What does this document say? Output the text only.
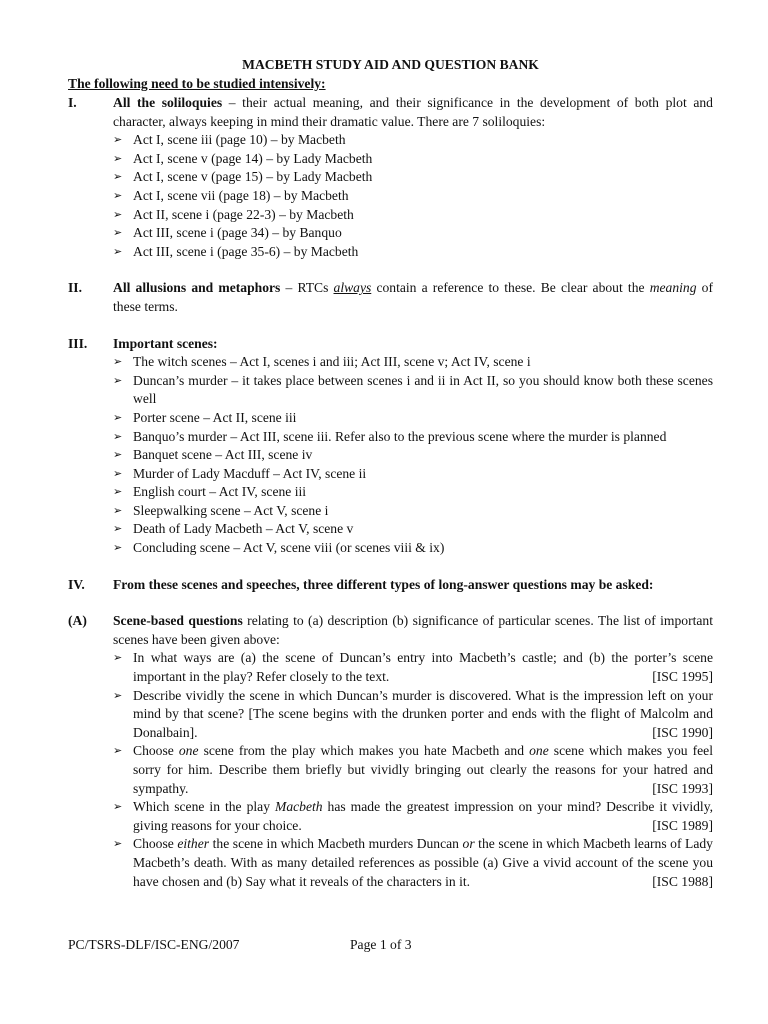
MACBETH STUDY AID AND QUESTION BANK
The following need to be studied intensively:
I.	All the soliloquies – their actual meaning, and their significance in the development of both plot and character, always keeping in mind their dramatic value. There are 7 soliloquies:
➢ Act I, scene iii (page 10) – by Macbeth
➢ Act I, scene v (page 14) – by Lady Macbeth
➢ Act I, scene v (page 15) – by Lady Macbeth
➢ Act I, scene vii (page 18) – by Macbeth
➢ Act II, scene i (page 22-3) – by Macbeth
➢ Act III, scene i (page 34) – by Banquo
➢ Act III, scene i (page 35-6) – by Macbeth
II.	All allusions and metaphors – RTCs always contain a reference to these. Be clear about the meaning of these terms.
III.	Important scenes:
➢ The witch scenes – Act I, scenes i and iii; Act III, scene v; Act IV, scene i
➢ Duncan’s murder – it takes place between scenes i and ii in Act II, so you should know both these scenes well
➢ Porter scene – Act II, scene iii
➢ Banquo’s murder – Act III, scene iii. Refer also to the previous scene where the murder is planned
➢ Banquet scene – Act III, scene iv
➢ Murder of Lady Macduff – Act IV, scene ii
➢ English court – Act IV, scene iii
➢ Sleepwalking scene – Act V, scene i
➢ Death of Lady Macbeth – Act V, scene v
➢ Concluding scene – Act V, scene viii (or scenes viii & ix)
IV.	From these scenes and speeches, three different types of long-answer questions may be asked:
(A)	Scene-based questions relating to (a) description (b) significance of particular scenes. The list of important scenes have been given above:
➢ In what ways are (a) the scene of Duncan’s entry into Macbeth’s castle; and (b) the porter’s scene important in the play? Refer closely to the text.	[ISC 1995]
➢ Describe vividly the scene in which Duncan’s murder is discovered. What is the impression left on your mind by that scene? [The scene begins with the drunken porter and ends with the flight of Malcolm and Donalbain].	[ISC 1990]
➢ Choose one scene from the play which makes you hate Macbeth and one scene which makes you feel sorry for him. Describe them briefly but vividly bringing out clearly the reasons for your hatred and sympathy.	[ISC 1993]
➢ Which scene in the play Macbeth has made the greatest impression on your mind? Describe it vividly, giving reasons for your choice.	[ISC 1989]
➢ Choose either the scene in which Macbeth murders Duncan or the scene in which Macbeth learns of Lady Macbeth’s death. With as many detailed references as possible (a) Give a vivid account of the scene you have chosen and (b) Say what it reveals of the characters in it.	[ISC 1988]
PC/TSRS-DLF/ISC-ENG/2007	Page 1 of 3
